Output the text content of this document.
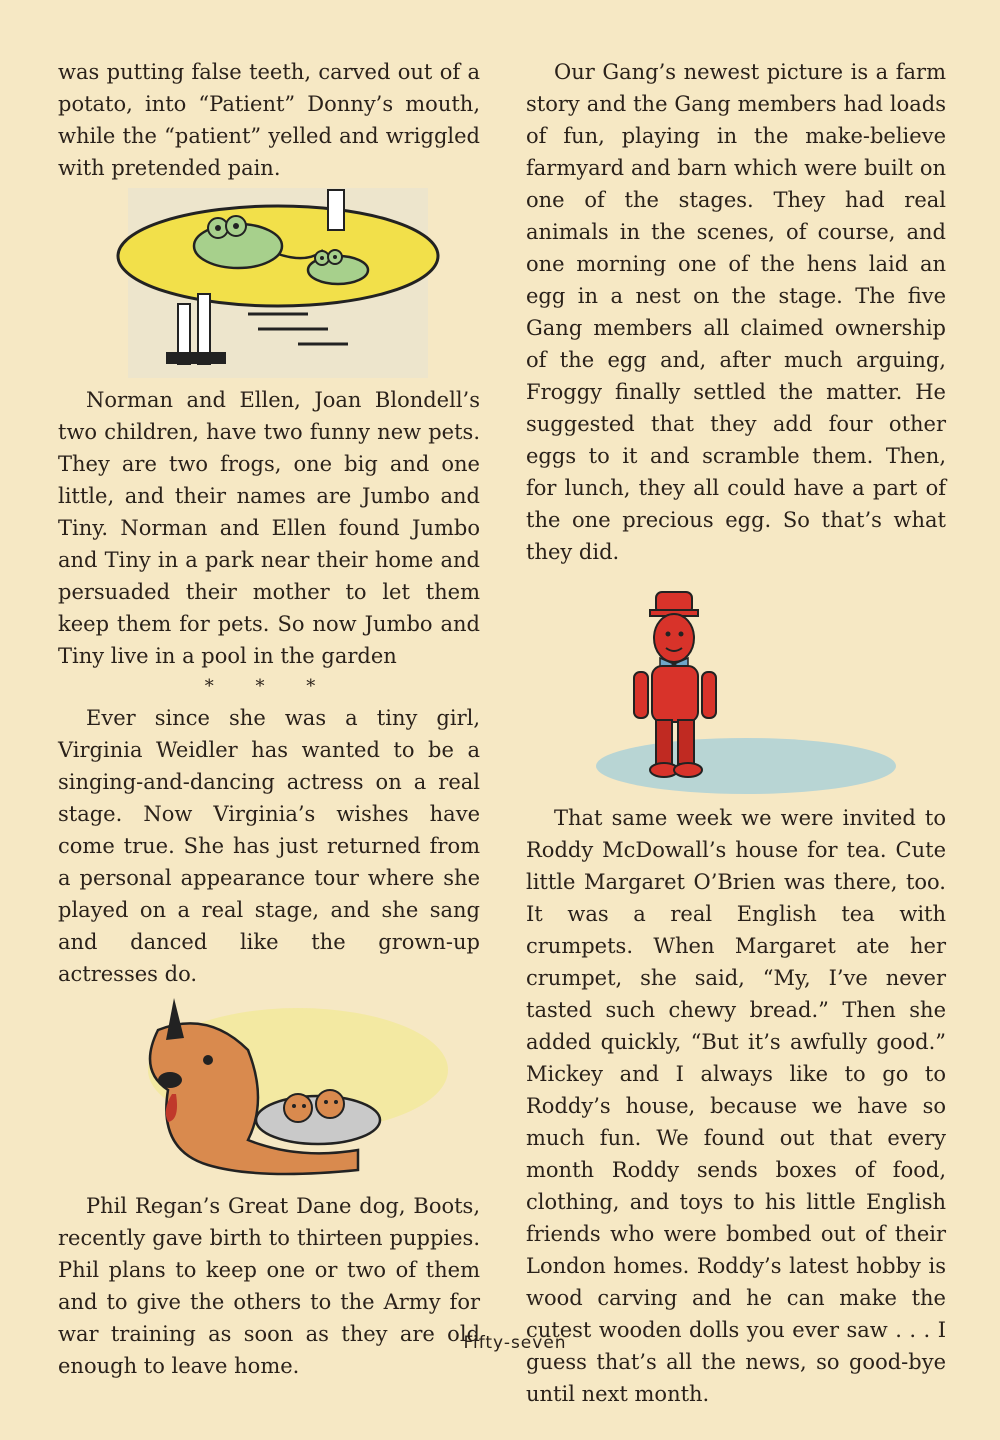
was putting false teeth, carved out of a potato, into “Patient” Donny’s mouth, while the “patient” yelled and wriggled with pretended pain.

Norman and Ellen, Joan Blondell’s two children, have two funny new pets. They are two frogs, one big and one little, and their names are Jumbo and Tiny. Norman and Ellen found Jumbo and Tiny in a park near their home and persuaded their mother to let them keep them for pets. So now Jumbo and Tiny live in a pool in the garden

* * *

Ever since she was a tiny girl, Virginia Weidler has wanted to be a singing-and-dancing actress on a real stage. Now Virginia’s wishes have come true. She has just returned from a personal appearance tour where she played on a real stage, and she sang and danced like the grown-up actresses do.

Phil Regan’s Great Dane dog, Boots, recently gave birth to thirteen puppies. Phil plans to keep one or two of them and to give the others to the Army for war training as soon as they are old enough to leave home.

Our Gang’s newest picture is a farm story and the Gang members had loads of fun, playing in the make-believe farmyard and barn which were built on one of the stages. They had real animals in the scenes, of course, and one morning one of the hens laid an egg in a nest on the stage. The five Gang members all claimed ownership of the egg and, after much arguing, Froggy finally settled the matter. He suggested that they add four other eggs to it and scramble them. Then, for lunch, they all could have a part of the one precious egg. So that’s what they did.

That same week we were invited to Roddy McDowall’s house for tea. Cute little Margaret O’Brien was there, too. It was a real English tea with crumpets. When Margaret ate her crumpet, she said, “My, I’ve never tasted such chewy bread.” Then she added quickly, “But it’s awfully good.” Mickey and I always like to go to Roddy’s house, because we have so much fun. We found out that every month Roddy sends boxes of food, clothing, and toys to his little English friends who were bombed out of their London homes. Roddy’s latest hobby is wood carving and he can make the cutest wooden dolls you ever saw . . . I guess that’s all the news, so good-bye until next month.

Fifty-seven
